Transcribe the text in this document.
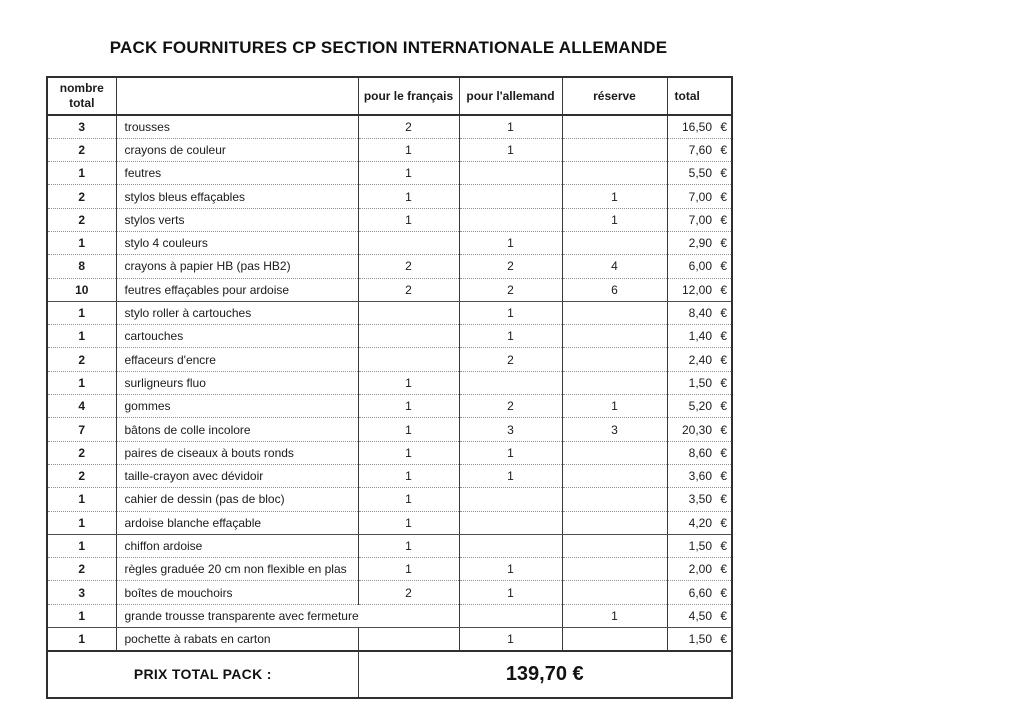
PACK FOURNITURES CP SECTION INTERNATIONALE ALLEMANDE
nombre total		pour le français	pour l'allemand	réserve	total
3	trousses	2	1		16,50 €

2	crayons de couleur	1	1		7,60 €

1	feutres	1			5,50 €

2	stylos bleus effaçables	1		1	7,00 €

2	stylos verts	1		1	7,00 €

1	stylo 4 couleurs		1		2,90 €

8	crayons à papier HB (pas HB2)	2	2	4	6,00 €

10	feutres effaçables pour ardoise	2	2	6	12,00 €

1	stylo roller à cartouches		1		8,40 €

1	cartouches		1		1,40 €

2	effaceurs d'encre		2		2,40 €

1	surligneurs fluo	1			1,50 €

4	gommes	1	2	1	5,20 €

7	bâtons de colle incolore	1	3	3	20,30 €

2	paires de ciseaux à bouts ronds	1	1		8,60 €

2	taille-crayon avec dévidoir	1	1		3,60 €

1	cahier de dessin (pas de bloc)	1			3,50 €

1	ardoise blanche effaçable	1			4,20 €

1	chiffon ardoise	1			1,50 €

2	règles graduée 20 cm non flexible en plas	1	1		2,00 €

3	boîtes de mouchoirs	2	1		6,60 €

1	grande trousse transparente avec fermeture			1	4,50 €

1	pochette à rabats en carton		1		1,50 €

PRIX TOTAL PACK :		139,70 €			
